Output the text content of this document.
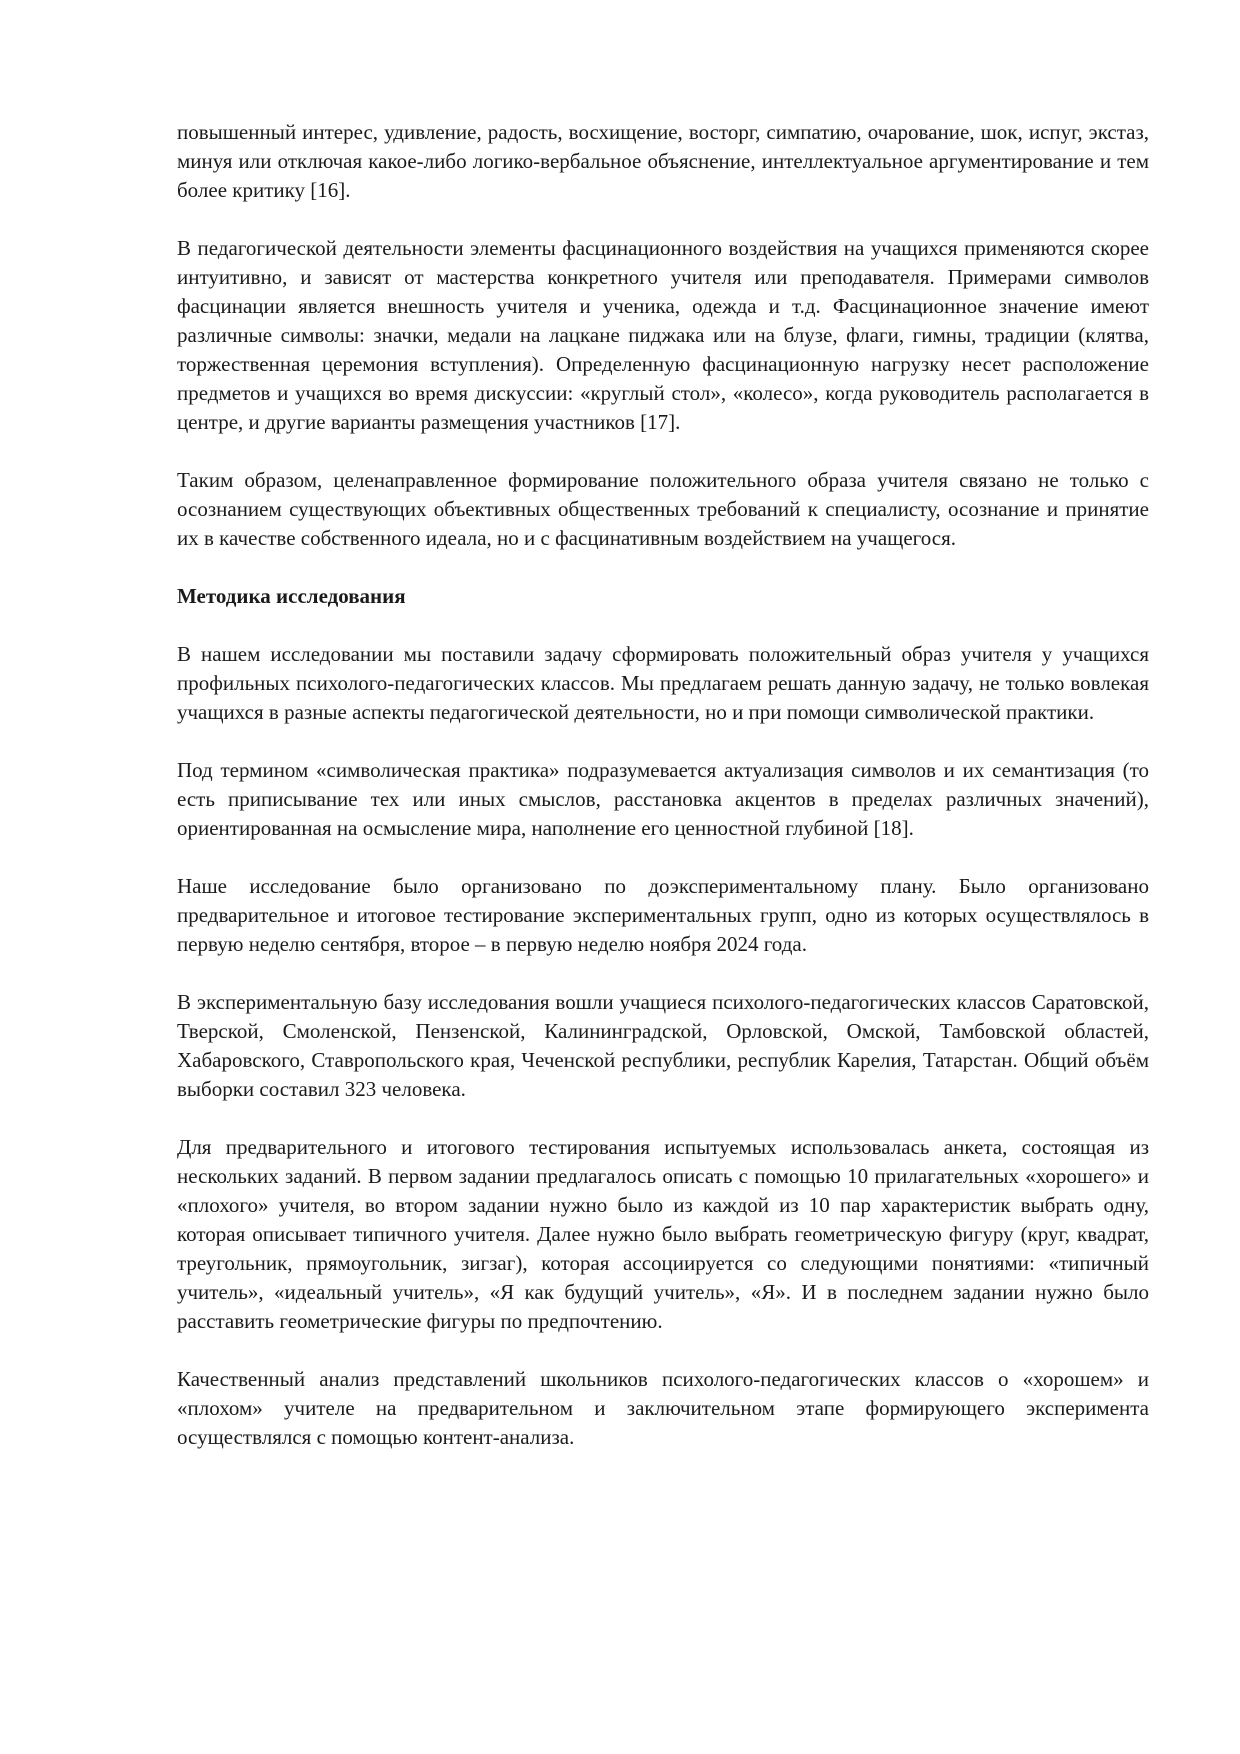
повышенный интерес, удивление, радость, восхищение, восторг, симпатию, очарование, шок, испуг, экстаз, минуя или отключая какое-либо логико-вербальное объяснение, интеллектуальное аргументирование и тем более критику [16].

В педагогической деятельности элементы фасцинационного воздействия на учащихся применяются скорее интуитивно, и зависят от мастерства конкретного учителя или преподавателя. Примерами символов фасцинации является внешность учителя и ученика, одежда и т.д. Фасцинационное значение имеют различные символы: значки, медали на лацкане пиджака или на блузе, флаги, гимны, традиции (клятва, торжественная церемония вступления). Определенную фасцинационную нагрузку несет расположение предметов и учащихся во время дискуссии: «круглый стол», «колесо», когда руководитель располагается в центре, и другие варианты размещения участников [17].

Таким образом, целенаправленное формирование положительного образа учителя связано не только с осознанием существующих объективных общественных требований к специалисту, осознание и принятие их в качестве собственного идеала, но и с фасцинативным воздействием на учащегося.

Методика исследования

В нашем исследовании мы поставили задачу сформировать положительный образ учителя у учащихся профильных психолого-педагогических классов. Мы предлагаем решать данную задачу, не только вовлекая учащихся в разные аспекты педагогической деятельности, но и при помощи символической практики.

Под термином «символическая практика» подразумевается актуализация символов и их семантизация (то есть приписывание тех или иных смыслов, расстановка акцентов в пределах различных значений), ориентированная на осмысление мира, наполнение его ценностной глубиной [18].

Наше исследование было организовано по доэкспериментальному плану. Было организовано предварительное и итоговое тестирование экспериментальных групп, одно из которых осуществлялось в первую неделю сентября, второе – в первую неделю ноября 2024 года.

В экспериментальную базу исследования вошли учащиеся психолого-педагогических классов Саратовской, Тверской, Смоленской, Пензенской, Калининградской, Орловской, Омской, Тамбовской областей, Хабаровского, Ставропольского края, Чеченской республики, республик Карелия, Татарстан. Общий объём выборки составил 323 человека.

Для предварительного и итогового тестирования испытуемых использовалась анкета, состоящая из нескольких заданий. В первом задании предлагалось описать с помощью 10 прилагательных «хорошего» и «плохого» учителя, во втором задании нужно было из каждой из 10 пар характеристик выбрать одну, которая описывает типичного учителя. Далее нужно было выбрать геометрическую фигуру (круг, квадрат, треугольник, прямоугольник, зигзаг), которая ассоциируется со следующими понятиями: «типичный учитель», «идеальный учитель», «Я как будущий учитель», «Я». И в последнем задании нужно было расставить геометрические фигуры по предпочтению.

Качественный анализ представлений школьников психолого-педагогических классов о «хорошем» и «плохом» учителе на предварительном и заключительном этапе формирующего эксперимента осуществлялся с помощью контент-анализа.
